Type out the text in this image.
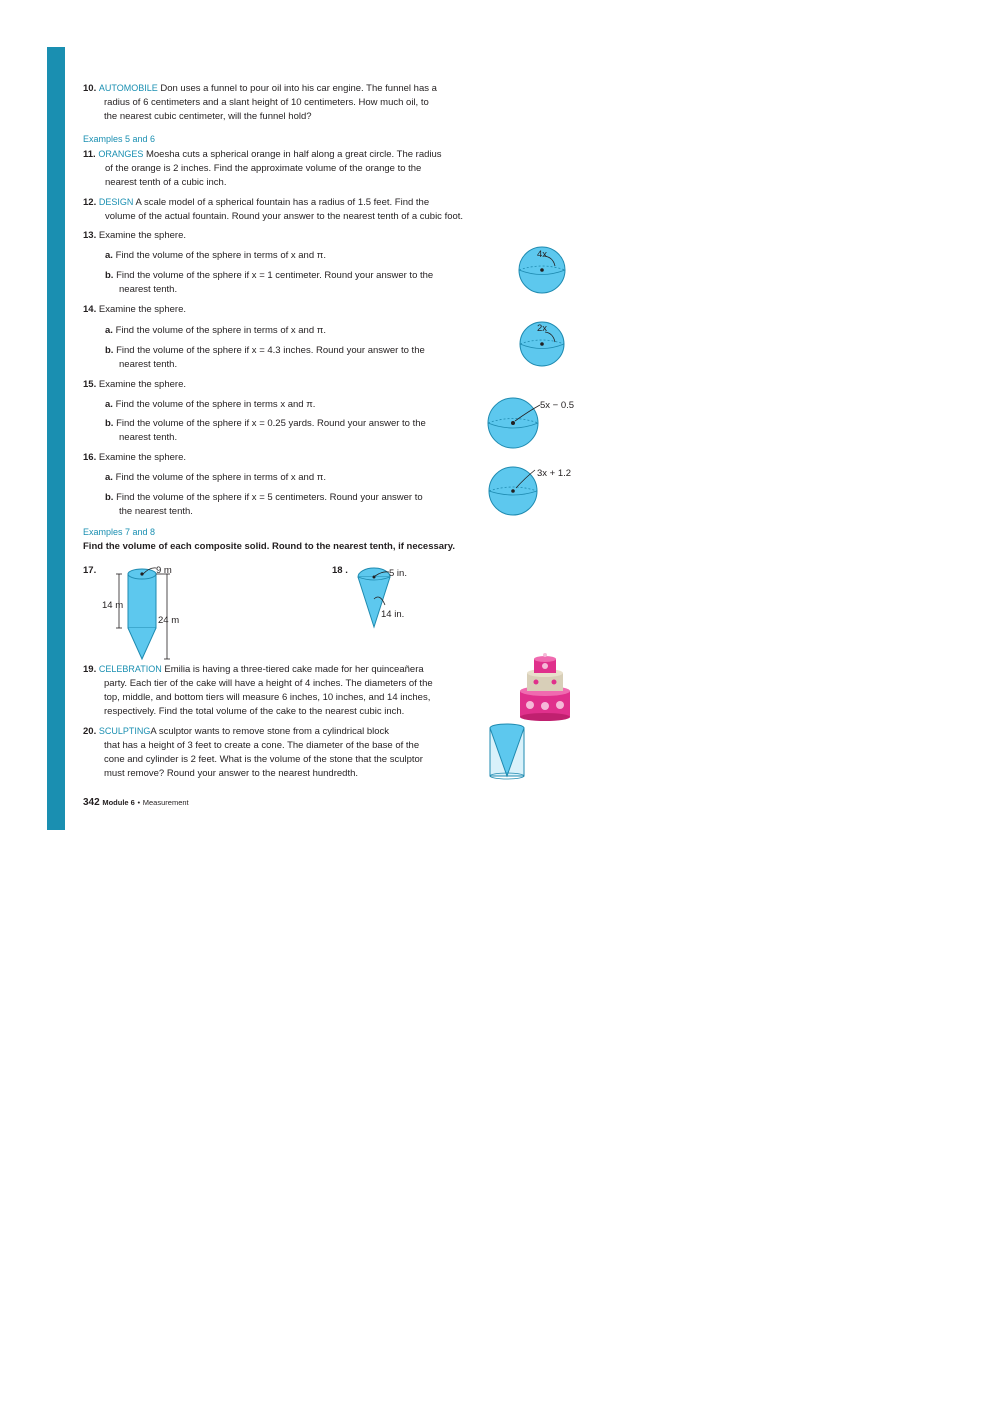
10. AUTOMOBILE Don uses a funnel to pour oil into his car engine. The funnel has a
radius of 6 centimeters and a slant height of 10 centimeters. How much oil, to
the nearest cubic centimeter, will the funnel hold?
Examples 5 and 6
11. ORANGES Moesha cuts a spherical orange in half along a great circle. The radius
of the orange is 2 inches. Find the approximate volume of the orange to the
nearest tenth of a cubic inch.
12. DESIGN A scale model of a spherical fountain has a radius of 1.5 feet. Find the
volume of the actual fountain. Round your answer to the nearest tenth of a cubic foot.
13. Examine the sphere.
a. Find the volume of the sphere in terms of x and π.
b. Find the volume of the sphere if x = 1 centimeter. Round your answer to the
nearest tenth.
14. Examine the sphere.
a. Find the volume of the sphere in terms of x and π.
b. Find the volume of the sphere if x = 4.3 inches. Round your answer to the
nearest tenth.
15. Examine the sphere.
a. Find the volume of the sphere in terms x and π.
b. Find the volume of the sphere if x = 0.25 yards. Round your answer to the
nearest tenth.
16. Examine the sphere.
a. Find the volume of the sphere in terms of x and π.
b. Find the volume of the sphere if x = 5 centimeters. Round your answer to
the nearest tenth.
4x
2x
5x − 0.5
3x + 1.2
Examples 7 and 8
Find the volume of each composite solid. Round to the nearest tenth, if necessary.
17.	9 m
14 m
24 m
18 .	5 in.
14 in.
19. CELEBRATION Emilia is having a three-tiered cake made for her quinceañera
party. Each tier of the cake will have a height of 4 inches. The diameters of the
top, middle, and bottom tiers will measure 6 inches, 10 inches, and 14 inches,
respectively. Find the total volume of the cake to the nearest cubic inch.
20. SCULPTINGA sculptor wants to remove stone from a cylindrical block
that has a height of 3 feet to create a cone. The diameter of the base of the
cone and cylinder is 2 feet. What is the volume of the stone that the sculptor
must remove? Round your answer to the nearest hundredth.
342 Module 6 • Measurement
